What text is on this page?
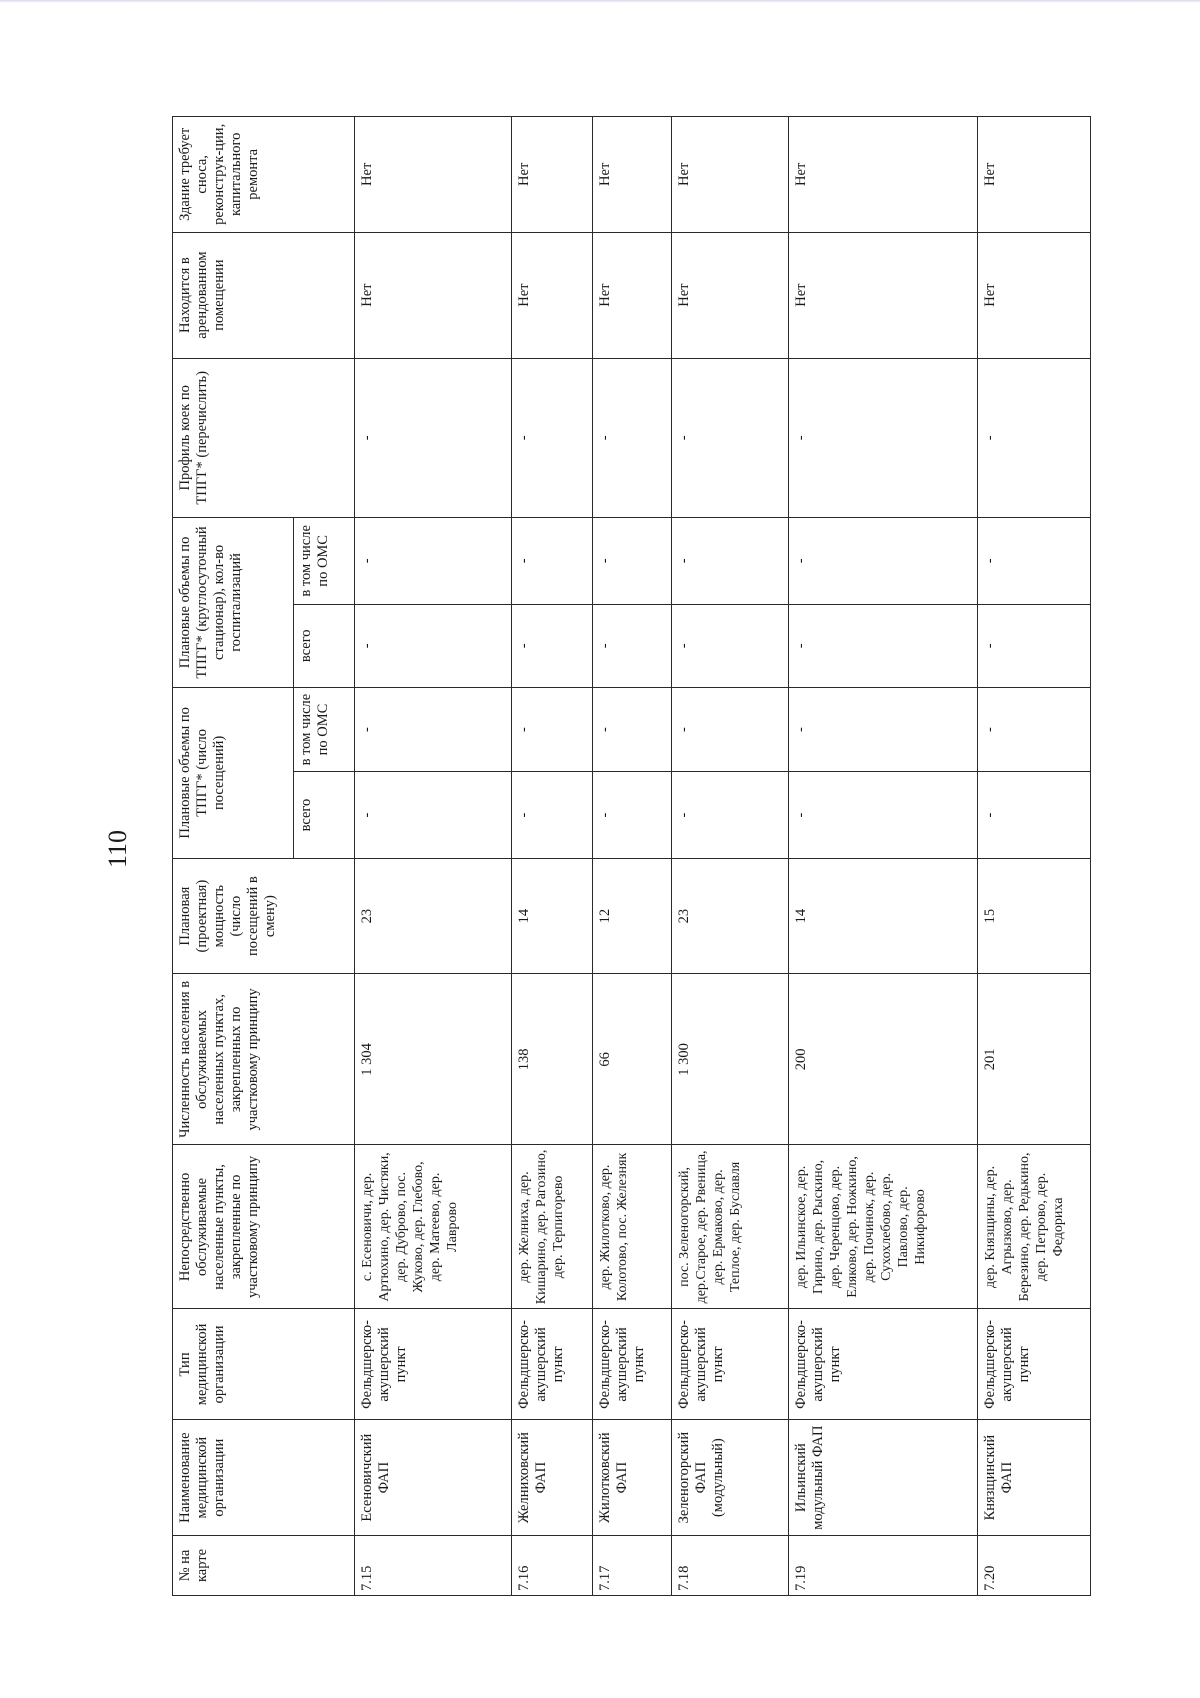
110
№ на карте	Наименование медицинской организации	Тип медицинской организации	Непосредственно обслуживаемые населенные пункты, закрепленные по участковому принципу	Численность населения в обслуживаемых населенных пунктах, закрепленных по участковому принципу	Плановая (проектная) мощность (число посещений в смену)	Плановые объемы по ТПГГ* (число посещений)		Плановые объемы по ТПГГ* (круглосуточный стационар), кол-во госпитализаций		Профиль коек по ТПГГ* (перечислить)	Находится в арендованном помещении	Здание требует сноса, реконструк-ции, капитального ремонта
						всего	в том числе по ОМС	всего	в том числе по ОМС			
7.15	Есеновичский ФАП	Фельдшерско-акушерский пункт	с. Есеновичи, дер. Артюхино, дер. Чистяки, дер. Дуброво, пос. Жуково, дер. Глебово, дер. Матеево, дер. Лаврово	1 304	23	-	-	-	-	-	Нет	Нет
7.16	Желниховский ФАП	Фельдшерско-акушерский пункт	дер. Желниха, дер. Кишарино, дер. Рагозино, дер. Терпигорево	138	14	-	-	-	-	-	Нет	Нет
7.17	Жилотковский ФАП	Фельдшерско-акушерский пункт	дер. Жилотково, дер. Колотово, пос. Железняк	66	12	-	-	-	-	-	Нет	Нет
7.18	Зеленогорский ФАП (модульный)	Фельдшерско-акушерский пункт	пос. Зеленогорский, дер.Старое, дер. Рвеница, дер. Ермаково, дер. Теплое, дер. Буславля	1 300	23	-	-	-	-	-	Нет	Нет
7.19	Ильинский модульный ФАП	Фельдшерско-акушерский пункт	дер. Ильинское, дер. Гирино, дер. Рыскино, дер. Черенцово, дер. Еляково, дер. Ножкино, дер. Починок, дер. Сухохлебово, дер. Павлово, дер. Никифорово	200	14	-	-	-	-	-	Нет	Нет
7.20	Князщинский ФАП	Фельдшерско-акушерский пункт	дер. Князщины, дер. Агрызково, дер. Березино, дер. Редькино, дер. Петрово, дер. Федориха	201	15	-	-	-	-	-	Нет	Нет
